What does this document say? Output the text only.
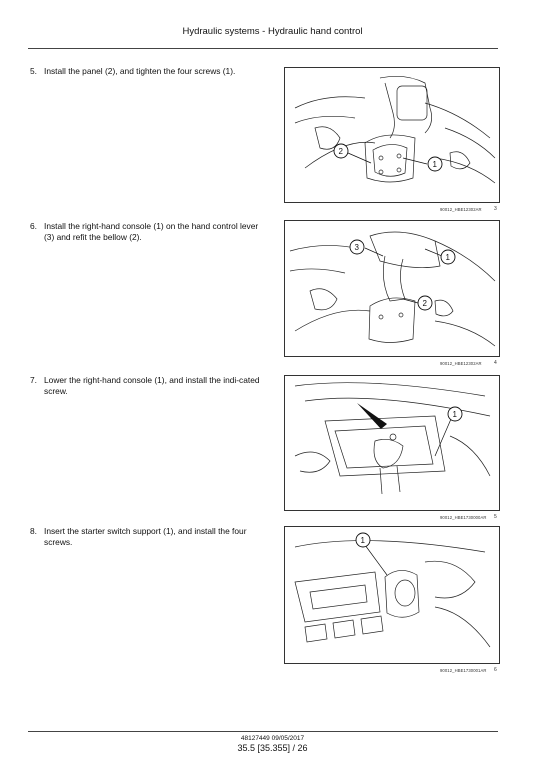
Hydraulic systems - Hydraulic hand control
5. Install the panel (2), and tighten the four screws (1).
2
1
90012_HBE12302AR 3
6. Install the right-hand console (1) on the hand control lever (3) and refit the bellow (2).
3
1
2
90012_HBE12302AR 4
7. Lower the right-hand console (1), and install the indi-cated screw.
1
90012_HBE1730000AR 5
8. Insert the starter switch support (1), and install the four screws.	1
90012_HBE1730001AR 6
48127449 09/05/2017
35.5 [35.355] / 26
